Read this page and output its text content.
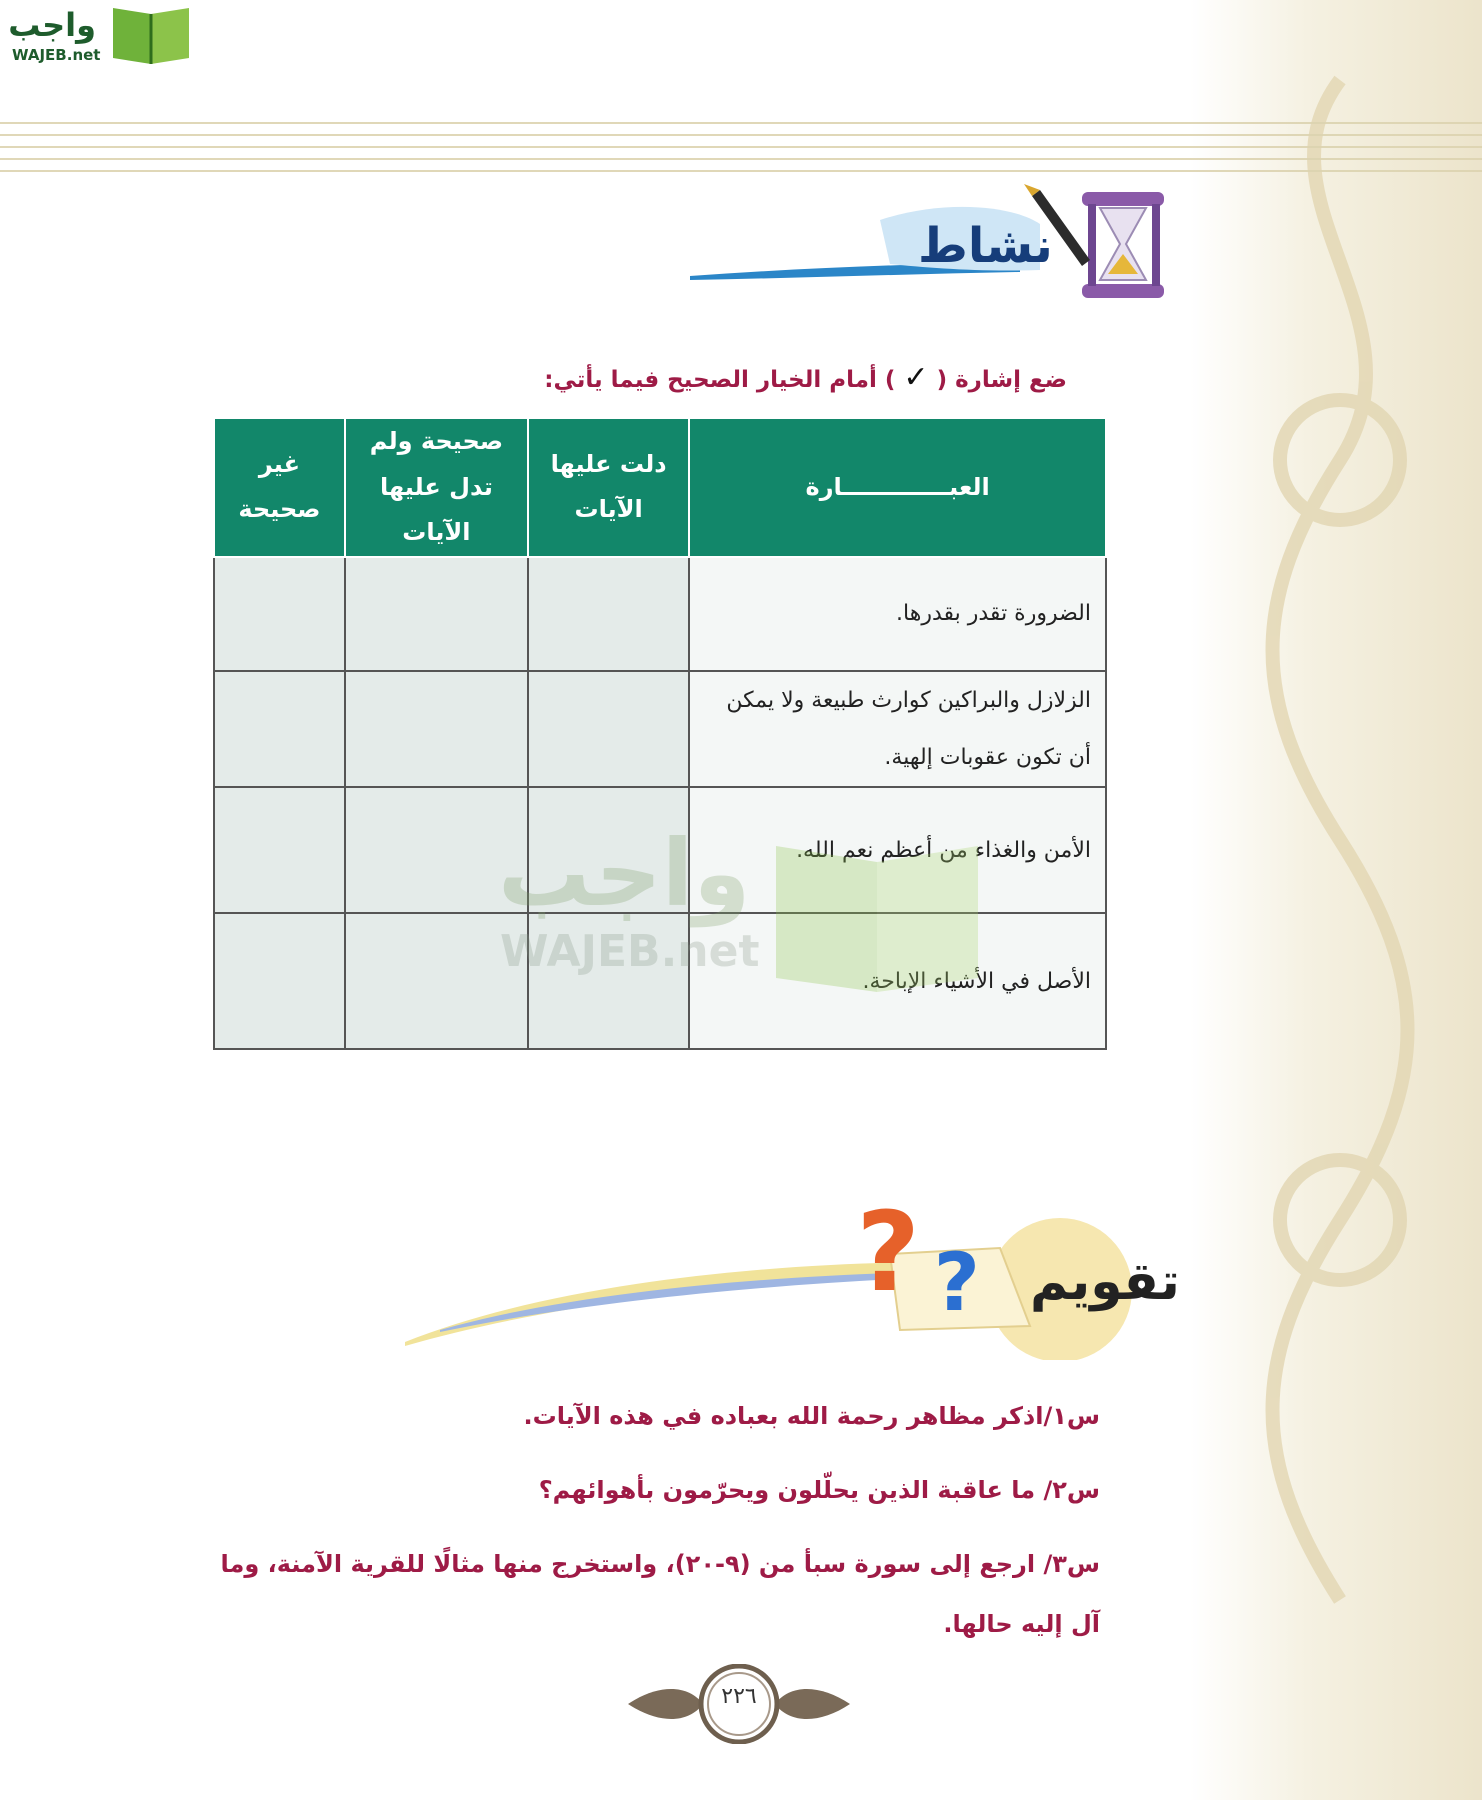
واجب
WAJEB.net
نشاط
ضع إشارة ( ✓ ) أمام الخيار الصحيح فيما يأتي:
العبـــــــــــــارة	دلت عليها الآيات	صحيحة ولم تدل عليها الآيات	غير صحيحة
الضرورة تقدر بقدرها.			
الزلازل والبراكين كوارث طبيعة ولا يمكن أن تكون عقوبات إلهية.			
الأمن والغذاء من أعظم نعم الله.			
الأصل في الأشياء الإباحة.			
واجب
WAJEB.net
? ? تقويم
س١/اذكر مظاهر رحمة الله بعباده في هذه الآيات.
س٢/ ما عاقبة الذين يحلّلون ويحرّمون بأهوائهم؟
س٣/ ارجع إلى سورة سبأ من (٩-٢٠)، واستخرج منها مثالًا للقرية الآمنة، وما آل إليه حالها.
٢٢٦
